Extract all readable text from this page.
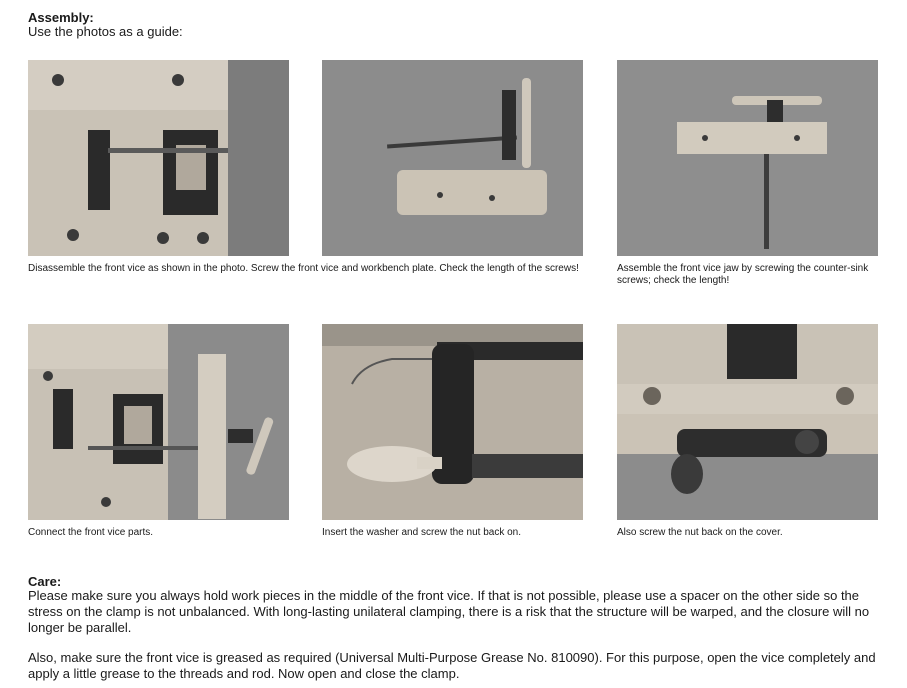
Assembly:
Use the photos as a guide:
Disassemble the front vice as shown in the photo. Screw the front vice and workbench plate. Check the length of the screws!	Assemble the front vice jaw by screwing the counter-sink screws; check the length!
Connect the front vice parts.	Insert the washer and screw the nut back on.	Also screw the nut back on the cover.
Care:
Please make sure you always hold work pieces in the middle of the front vice. If that is not possible, please use a spacer on the other side so the stress on the clamp is not unbalanced. With long-lasting unilateral clamping, there is a risk that the structure will be warped, and the closure will no longer be parallel.
Also, make sure the front vice is greased as required (Universal Multi-Purpose Grease No. 810090). For this purpose, open the vice completely and apply a little grease to the threads and rod. Now open and close the clamp.
